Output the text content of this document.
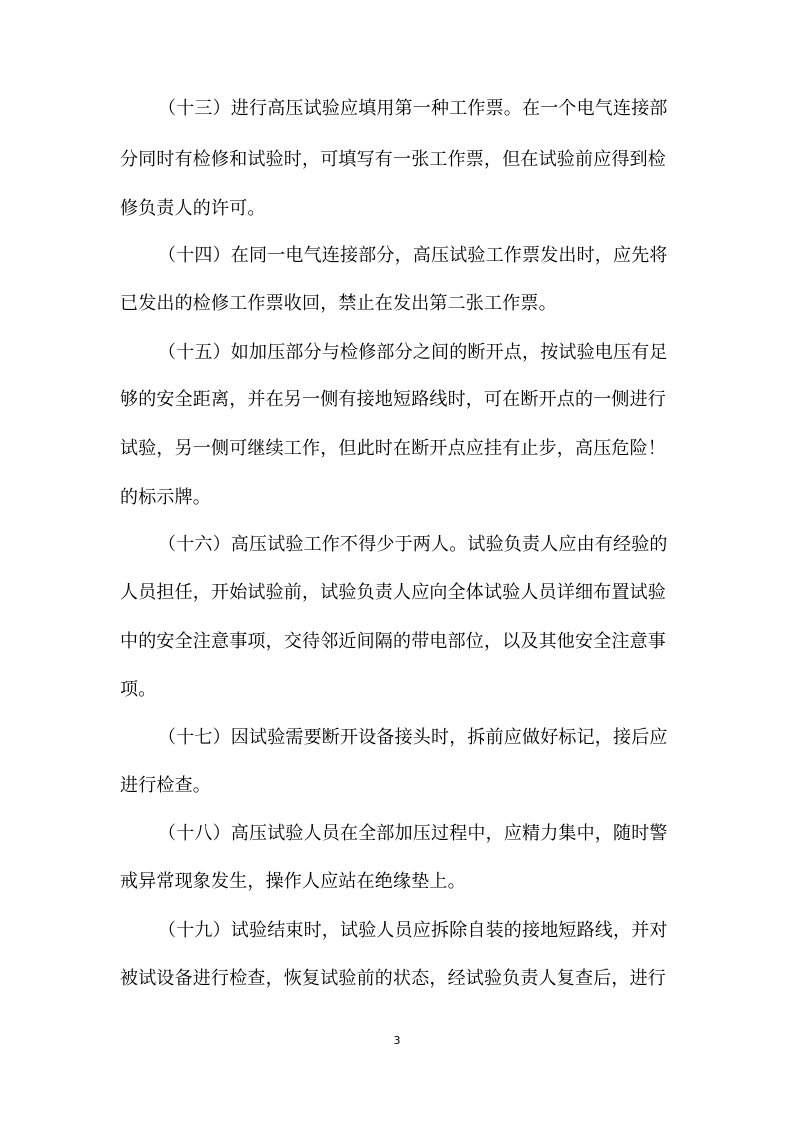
（十三）进行高压试验应填用第一种工作票。在一个电气连接部
分同时有检修和试验时，可填写有一张工作票，但在试验前应得到检
修负责人的许可。
（十四）在同一电气连接部分，高压试验工作票发出时，应先将
已发出的检修工作票收回，禁止在发出第二张工作票。
（十五）如加压部分与检修部分之间的断开点，按试验电压有足
够的安全距离，并在另一侧有接地短路线时，可在断开点的一侧进行
试验，另一侧可继续工作，但此时在断开点应挂有止步，高压危险！
的标示牌。
（十六）高压试验工作不得少于两人。试验负责人应由有经验的
人员担任，开始试验前，试验负责人应向全体试验人员详细布置试验
中的安全注意事项，交待邻近间隔的带电部位，以及其他安全注意事
项。
（十七）因试验需要断开设备接头时，拆前应做好标记，接后应
进行检查。
（十八）高压试验人员在全部加压过程中，应精力集中，随时警
戒异常现象发生，操作人应站在绝缘垫上。
（十九）试验结束时，试验人员应拆除自装的接地短路线，并对
被试设备进行检查，恢复试验前的状态，经试验负责人复查后，进行
3
